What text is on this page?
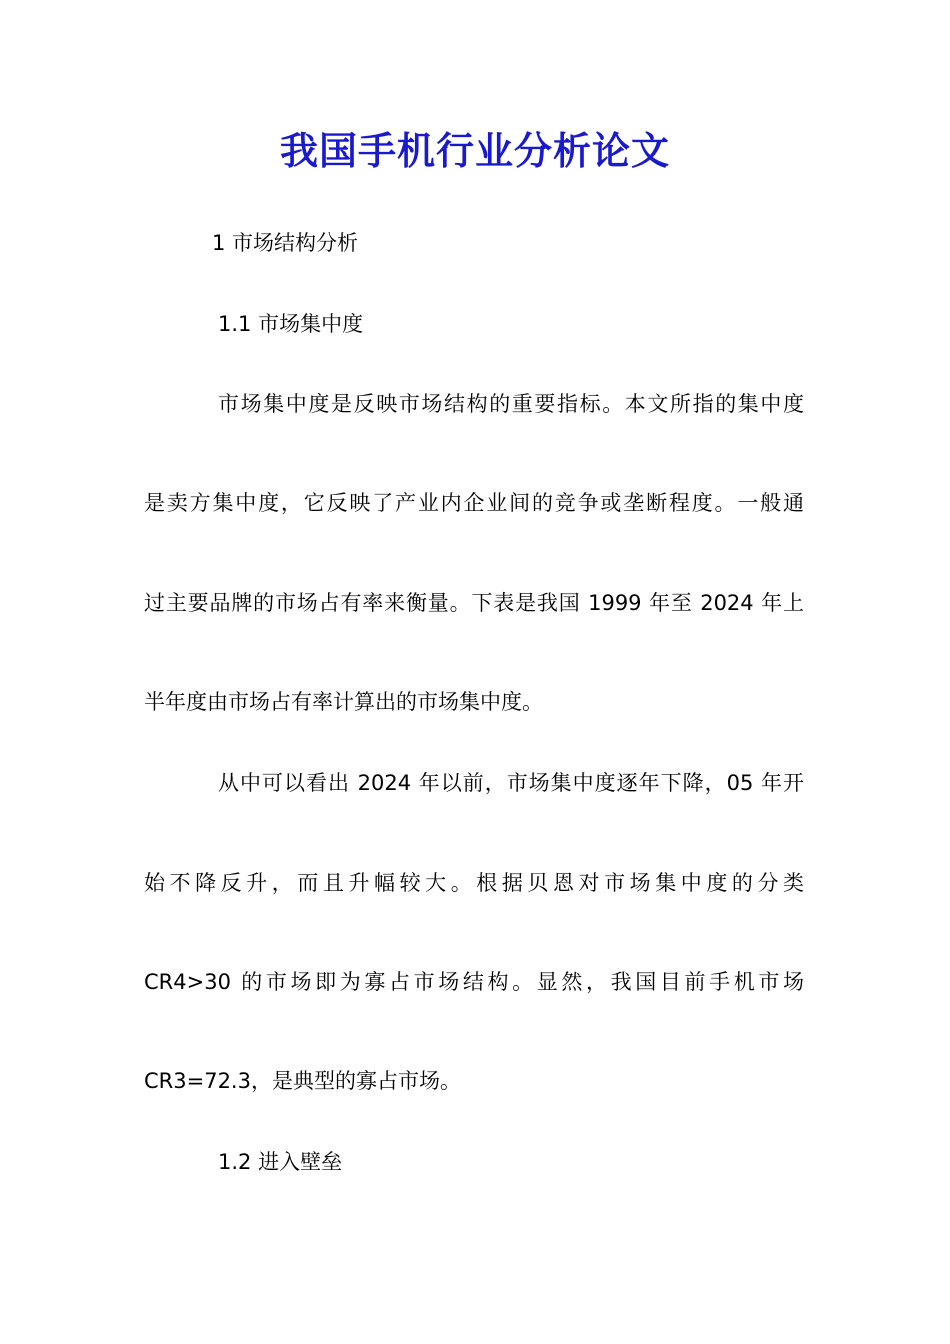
我国手机行业分析论文
1 市场结构分析
1.1 市场集中度
市场集中度是反映市场结构的重要指标。本文所指的集中度
是卖方集中度，它反映了产业内企业间的竞争或垄断程度。一般通
过主要品牌的市场占有率来衡量。下表是我国 1999 年至 2024 年上
半年度由市场占有率计算出的市场集中度。
从中可以看出 2024 年以前，市场集中度逐年下降，05 年开
始不降反升，而且升幅较大。根据贝恩对市场集中度的分类
CR4>30 的市场即为寡占市场结构。显然，我国目前手机市场
CR3=72.3，是典型的寡占市场。
1.2 进入壁垒
